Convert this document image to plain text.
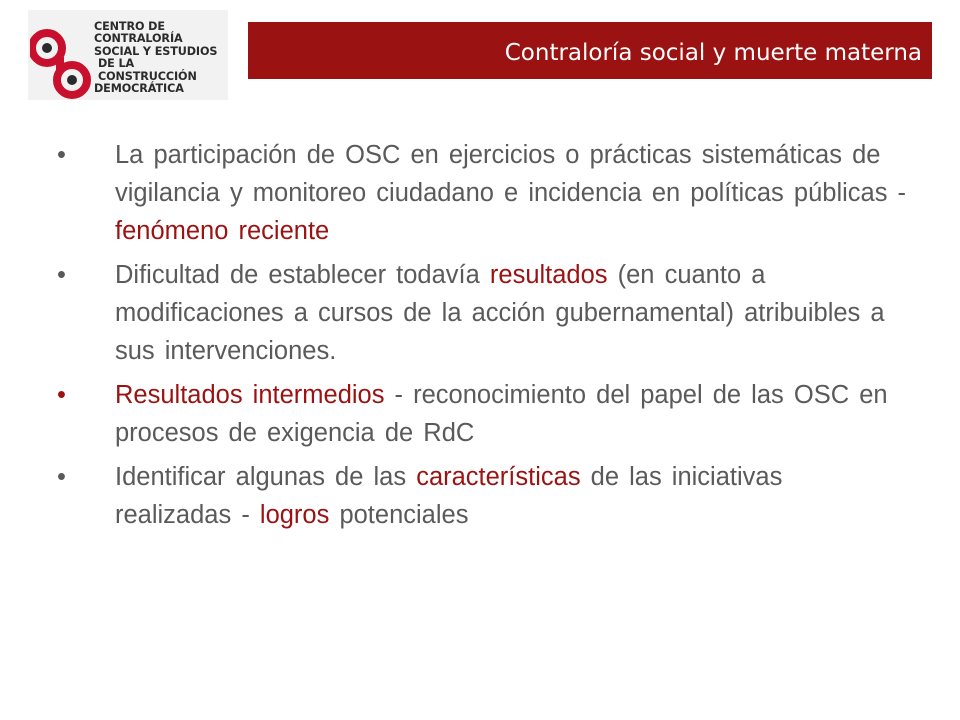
CENTRO DE
CONTRALORÍA
SOCIAL Y ESTUDIOS
DE LA CONSTRUCCIÓN
DEMOCRÁTICA
Contraloría social y muerte materna
• La participación de OSC en ejercicios o prácticas sistemáticas de vigilancia y monitoreo ciudadano e incidencia en políticas públicas - fenómeno reciente
• Dificultad de establecer todavía resultados (en cuanto a modificaciones a cursos de la acción gubernamental) atribuibles a sus intervenciones.
• Resultados intermedios - reconocimiento del papel de las OSC en procesos de exigencia de RdC
• Identificar algunas de las características de las iniciativas realizadas - logros potenciales
